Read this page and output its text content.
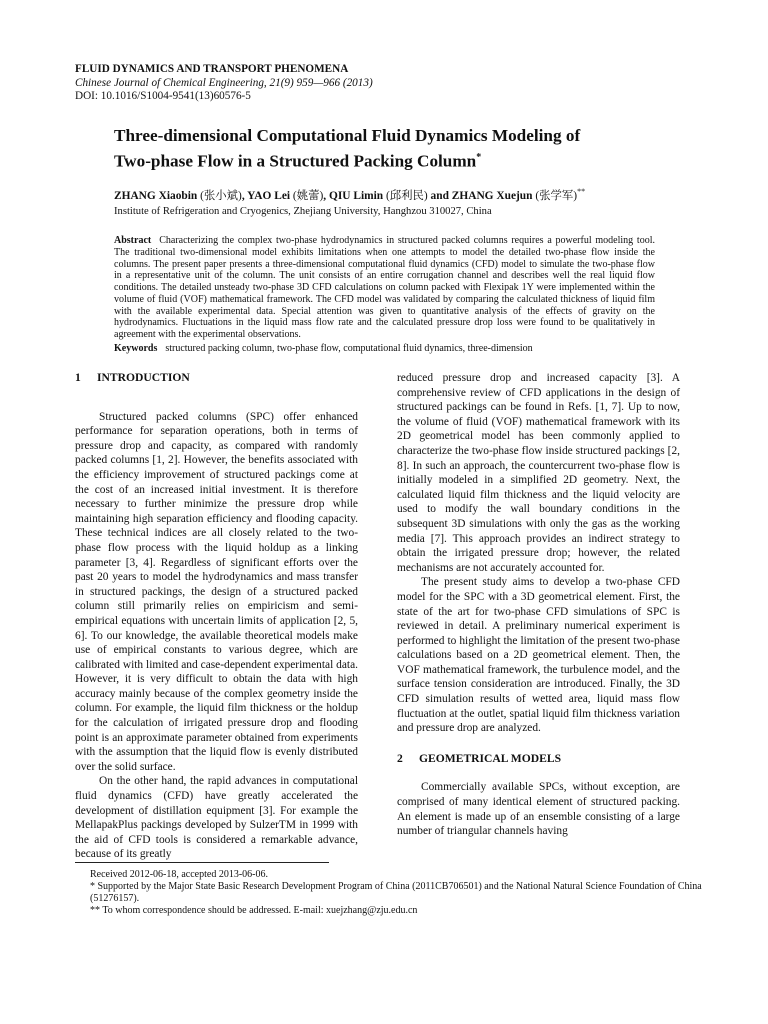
FLUID DYNAMICS AND TRANSPORT PHENOMENA
Chinese Journal of Chemical Engineering, 21(9) 959—966 (2013)
DOI: 10.1016/S1004-9541(13)60576-5
Three-dimensional Computational Fluid Dynamics Modeling of
Two-phase Flow in a Structured Packing Column*
ZHANG Xiaobin (张小斌), YAO Lei (姚蕾), QIU Limin (邱利民) and ZHANG Xuejun (张学军)**
Institute of Refrigeration and Cryogenics, Zhejiang University, Hanghzou 310027, China
Abstract Characterizing the complex two-phase hydrodynamics in structured packed columns requires a powerful modeling tool. The traditional two-dimensional model exhibits limitations when one attempts to model the detailed two-phase flow inside the columns. The present paper presents a three-dimensional computational fluid dynamics (CFD) model to simulate the two-phase flow in a representative unit of the column. The unit consists of an entire corrugation channel and describes well the real liquid flow conditions. The detailed unsteady two-phase 3D CFD calculations on column packed with Flexipak 1Y were implemented within the volume of fluid (VOF) mathematical framework. The CFD model was validated by comparing the calculated thickness of liquid film with the available experimental data. Special attention was given to quantitative analysis of the effects of gravity on the hydrodynamics. Fluctuations in the liquid mass flow rate and the calculated pressure drop loss were found to be qualitatively in agreement with the experimental observations.
Keywords structured packing column, two-phase flow, computational fluid dynamics, three-dimension
1 INTRODUCTION

Structured packed columns (SPC) offer enhanced performance for separation operations, both in terms of pressure drop and capacity, as compared with randomly packed columns [1, 2]. However, the benefits associated with the efficiency improvement of structured packings come at the cost of an increased initial investment. It is therefore necessary to further minimize the pressure drop while maintaining high separation efficiency and flooding capacity. These technical indices are all closely related to the two-phase flow process with the liquid holdup as a linking parameter [3, 4]. Regardless of significant efforts over the past 20 years to model the hydrodynamics and mass transfer in structured packings, the design of a structured packed column still primarily relies on empiricism and semi-empirical equations with uncertain limits of application [2, 5, 6]. To our knowledge, the available theoretical models make use of empirical constants to various degree, which are calibrated with limited and case-dependent experimental data. However, it is very difficult to obtain the data with high accuracy mainly because of the complex geometry inside the column. For example, the liquid film thickness or the holdup for the calculation of irrigated pressure drop and flooding point is an approximate parameter obtained from experiments with the assumption that the liquid flow is evenly distributed over the solid surface.

On the other hand, the rapid advances in computational fluid dynamics (CFD) have greatly accelerated the development of distillation equipment [3]. For example the MellapakPlus packings developed by SulzerTM in 1999 with the aid of CFD tools is considered a remarkable advance, because of its greatly

reduced pressure drop and increased capacity [3]. A comprehensive review of CFD applications in the design of structured packings can be found in Refs. [1, 7]. Up to now, the volume of fluid (VOF) mathematical framework with its 2D geometrical model has been commonly applied to characterize the two-phase flow inside structured packings [2, 8]. In such an approach, the countercurrent two-phase flow is initially modeled in a simplified 2D geometry. Next, the calculated liquid film thickness and the liquid velocity are used to modify the wall boundary conditions in the subsequent 3D simulations with only the gas as the working media [7]. This approach provides an indirect strategy to obtain the irrigated pressure drop; however, the related mechanisms are not accurately accounted for.

The present study aims to develop a two-phase CFD model for the SPC with a 3D geometrical element. First, the state of the art for two-phase CFD simulations of SPC is reviewed in detail. A preliminary numerical experiment is performed to highlight the limitation of the present two-phase calculations based on a 2D geometrical element. Then, the VOF mathematical framework, the turbulence model, and the surface tension consideration are introduced. Finally, the 3D CFD simulation results of wetted area, liquid mass flow fluctuation at the outlet, spatial liquid film thickness variation and pressure drop are analyzed.

2 GEOMETRICAL MODELS

Commercially available SPCs, without exception, are comprised of many identical element of structured packing. An element is made up of an ensemble consisting of a large number of triangular channels having

Received 2012-06-18, accepted 2013-06-06.
* Supported by the Major State Basic Research Development Program of China (2011CB706501) and the National Natural Science Foundation of China (51276157).
** To whom correspondence should be addressed. E-mail: xuejzhang@zju.edu.cn
